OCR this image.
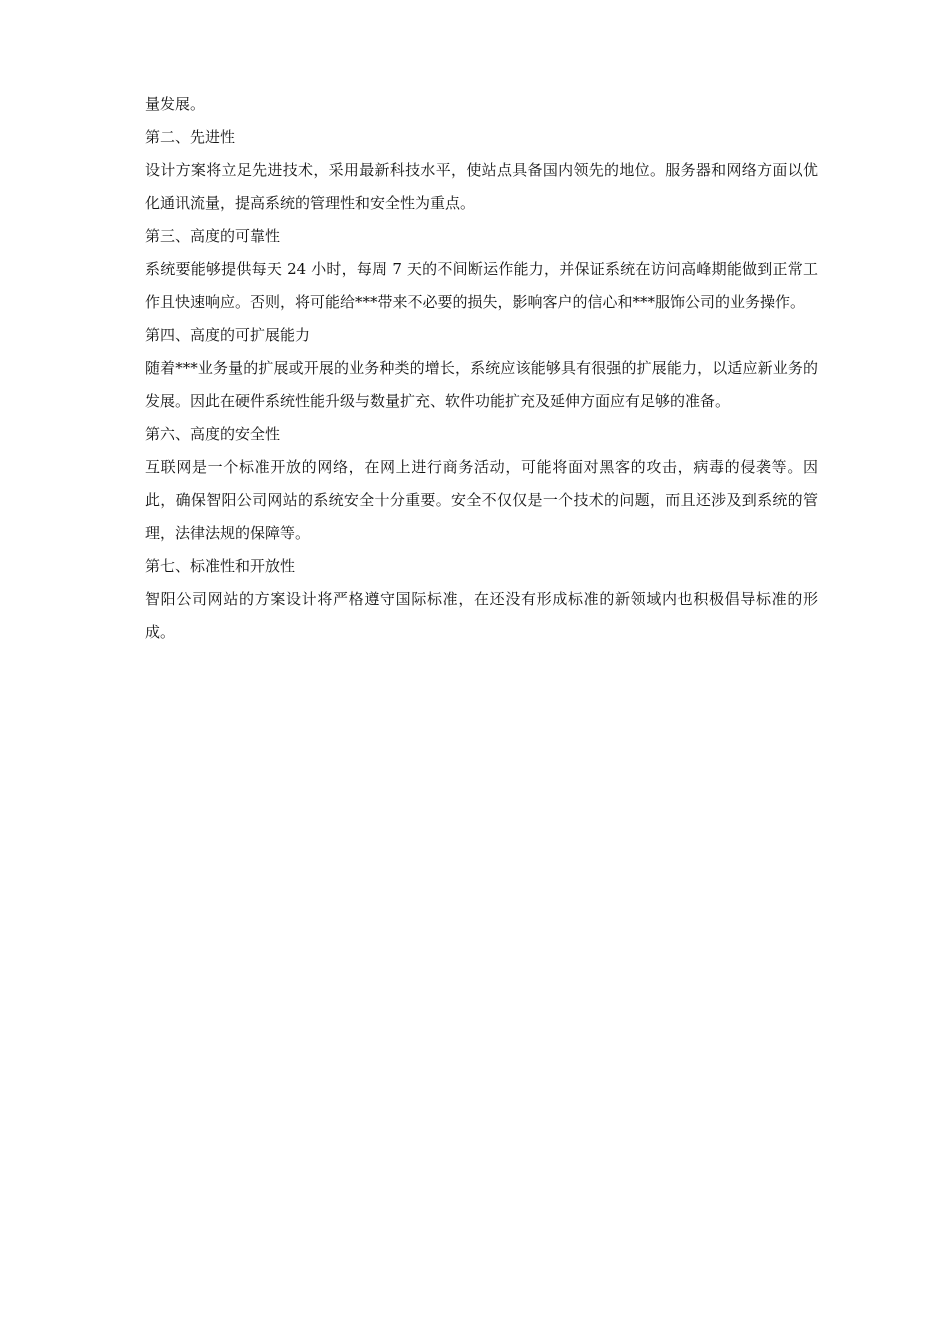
量发展。

第二、先进性

设计方案将立足先进技术，采用最新科技水平，使站点具备国内领先的地位。服务器和网络方面以优化通讯流量，提高系统的管理性和安全性为重点。

第三、高度的可靠性

系统要能够提供每天 24 小时，每周 7 天的不间断运作能力，并保证系统在访问高峰期能做到正常工作且快速响应。否则，将可能给***带来不必要的损失，影响客户的信心和***服饰公司的业务操作。

第四、高度的可扩展能力

随着***业务量的扩展或开展的业务种类的增长，系统应该能够具有很强的扩展能力，以适应新业务的发展。因此在硬件系统性能升级与数量扩充、软件功能扩充及延伸方面应有足够的准备。

第六、高度的安全性

互联网是一个标准开放的网络，在网上进行商务活动，可能将面对黑客的攻击，病毒的侵袭等。因此，确保智阳公司网站的系统安全十分重要。安全不仅仅是一个技术的问题，而且还涉及到系统的管理，法律法规的保障等。

第七、标准性和开放性

智阳公司网站的方案设计将严格遵守国际标准，在还没有形成标准的新领域内也积极倡导标准的形成。
